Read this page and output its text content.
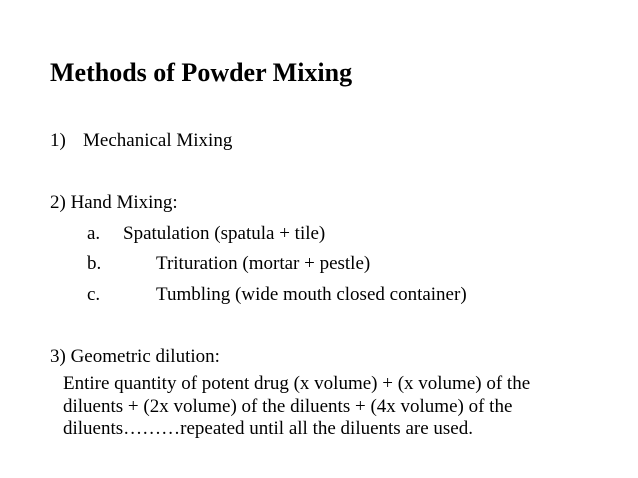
Methods of Powder Mixing
1) Mechanical Mixing
2) Hand Mixing:
a. Spatulation (spatula + tile)
b.	Trituration (mortar + pestle)
c.	Tumbling (wide mouth closed container)
3) Geometric dilution:
Entire quantity of potent drug (x volume) + (x volume) of the
diluents + (2x volume) of the diluents + (4x volume) of the
diluents………repeated until all the diluents are used.
